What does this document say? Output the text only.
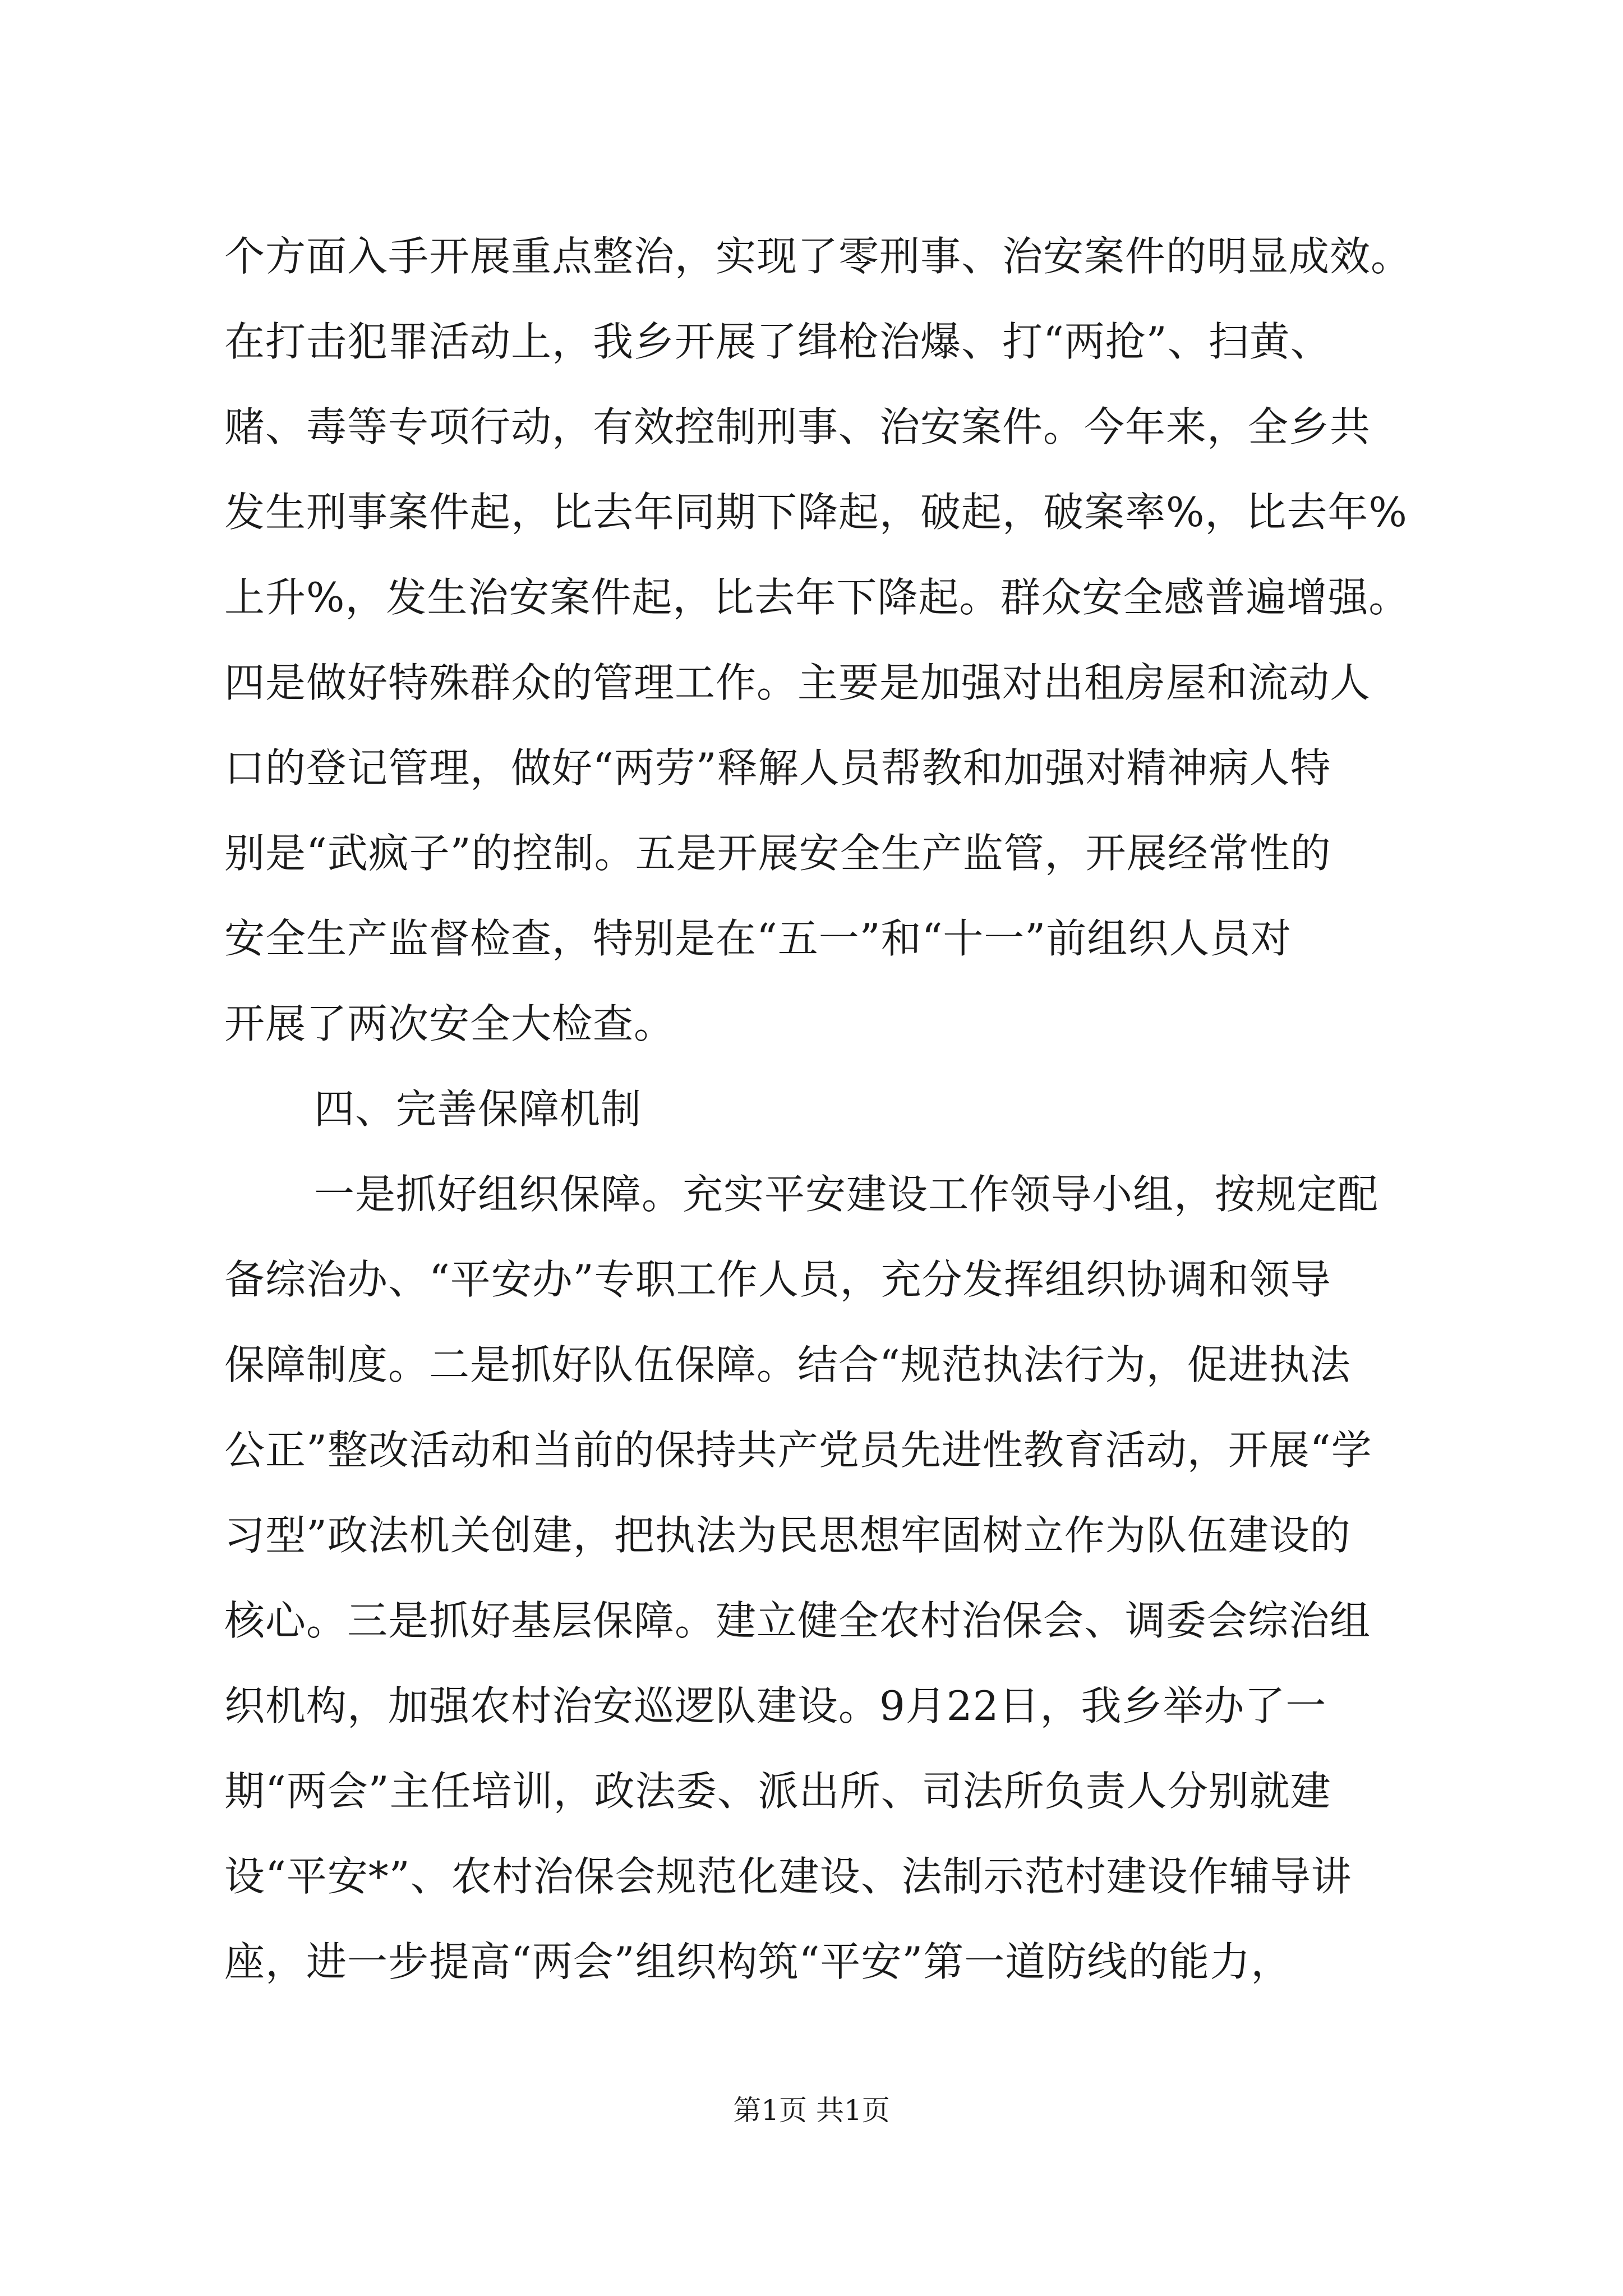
个方面入手开展重点整治，实现了零刑事、治安案件的明显成效。
在打击犯罪活动上，我乡开展了缉枪治爆、打“两抢”、扫黄、
赌、毒等专项行动，有效控制刑事、治安案件。今年来，全乡共
发生刑事案件起，比去年同期下降起，破起，破案率%，比去年%
上升%，发生治安案件起，比去年下降起。群众安全感普遍增强。
四是做好特殊群众的管理工作。主要是加强对出租房屋和流动人
口的登记管理，做好“两劳”释解人员帮教和加强对精神病人特
别是“武疯子”的控制。五是开展安全生产监管，开展经常性的
安全生产监督检查，特别是在“五一”和“十一”前组织人员对
开展了两次安全大检查。
四、完善保障机制
一是抓好组织保障。充实平安建设工作领导小组，按规定配
备综治办、“平安办”专职工作人员，充分发挥组织协调和领导
保障制度。二是抓好队伍保障。结合“规范执法行为，促进执法
公正”整改活动和当前的保持共产党员先进性教育活动，开展“学
习型”政法机关创建，把执法为民思想牢固树立作为队伍建设的
核心。三是抓好基层保障。建立健全农村治保会、调委会综治组
织机构，加强农村治安巡逻队建设。9月22日，我乡举办了一
期“两会”主任培训，政法委、派出所、司法所负责人分别就建
设“平安*”、农村治保会规范化建设、法制示范村建设作辅导讲
座，进一步提高“两会”组织构筑“平安”第一道防线的能力，
第1页 共1页
